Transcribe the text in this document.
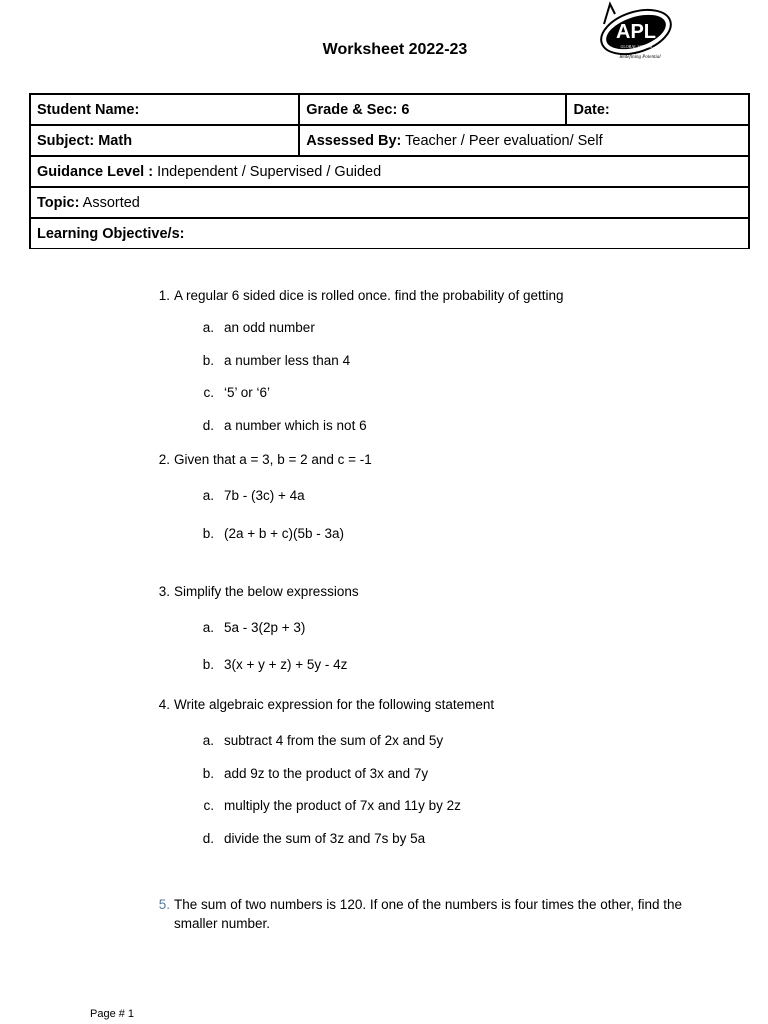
Worksheet 2022-23
APL
GLOBAL SCHOOL
Redefining Potential
Student Name:	Grade & Sec: 6	Date:
Subject: Math	Assessed By: Teacher / Peer evaluation/ Self	
Guidance Level : Independent / Supervised / Guided		
Topic: Assorted		
Learning Objective/s:		
1. A regular 6 sided dice is rolled once. find the probability of getting
a. an odd number
b. a number less than 4
c. ‘5’ or ‘6’
d. a number which is not 6
2. Given that a = 3, b = 2 and c = -1
a. 7b - (3c) + 4a
b. (2a + b + c)(5b - 3a)
3. Simplify the below expressions
a. 5a - 3(2p + 3)
b. 3(x + y + z) + 5y - 4z
4. Write algebraic expression for the following statement
a. subtract 4 from the sum of 2x and 5y
b. add 9z to the product of 3x and 7y
c. multiply the product of 7x and 11y by 2z
d. divide the sum of 3z and 7s by 5a
5. The sum of two numbers is 120. If one of the numbers is four times the other, find the smaller number.
Page # 1
